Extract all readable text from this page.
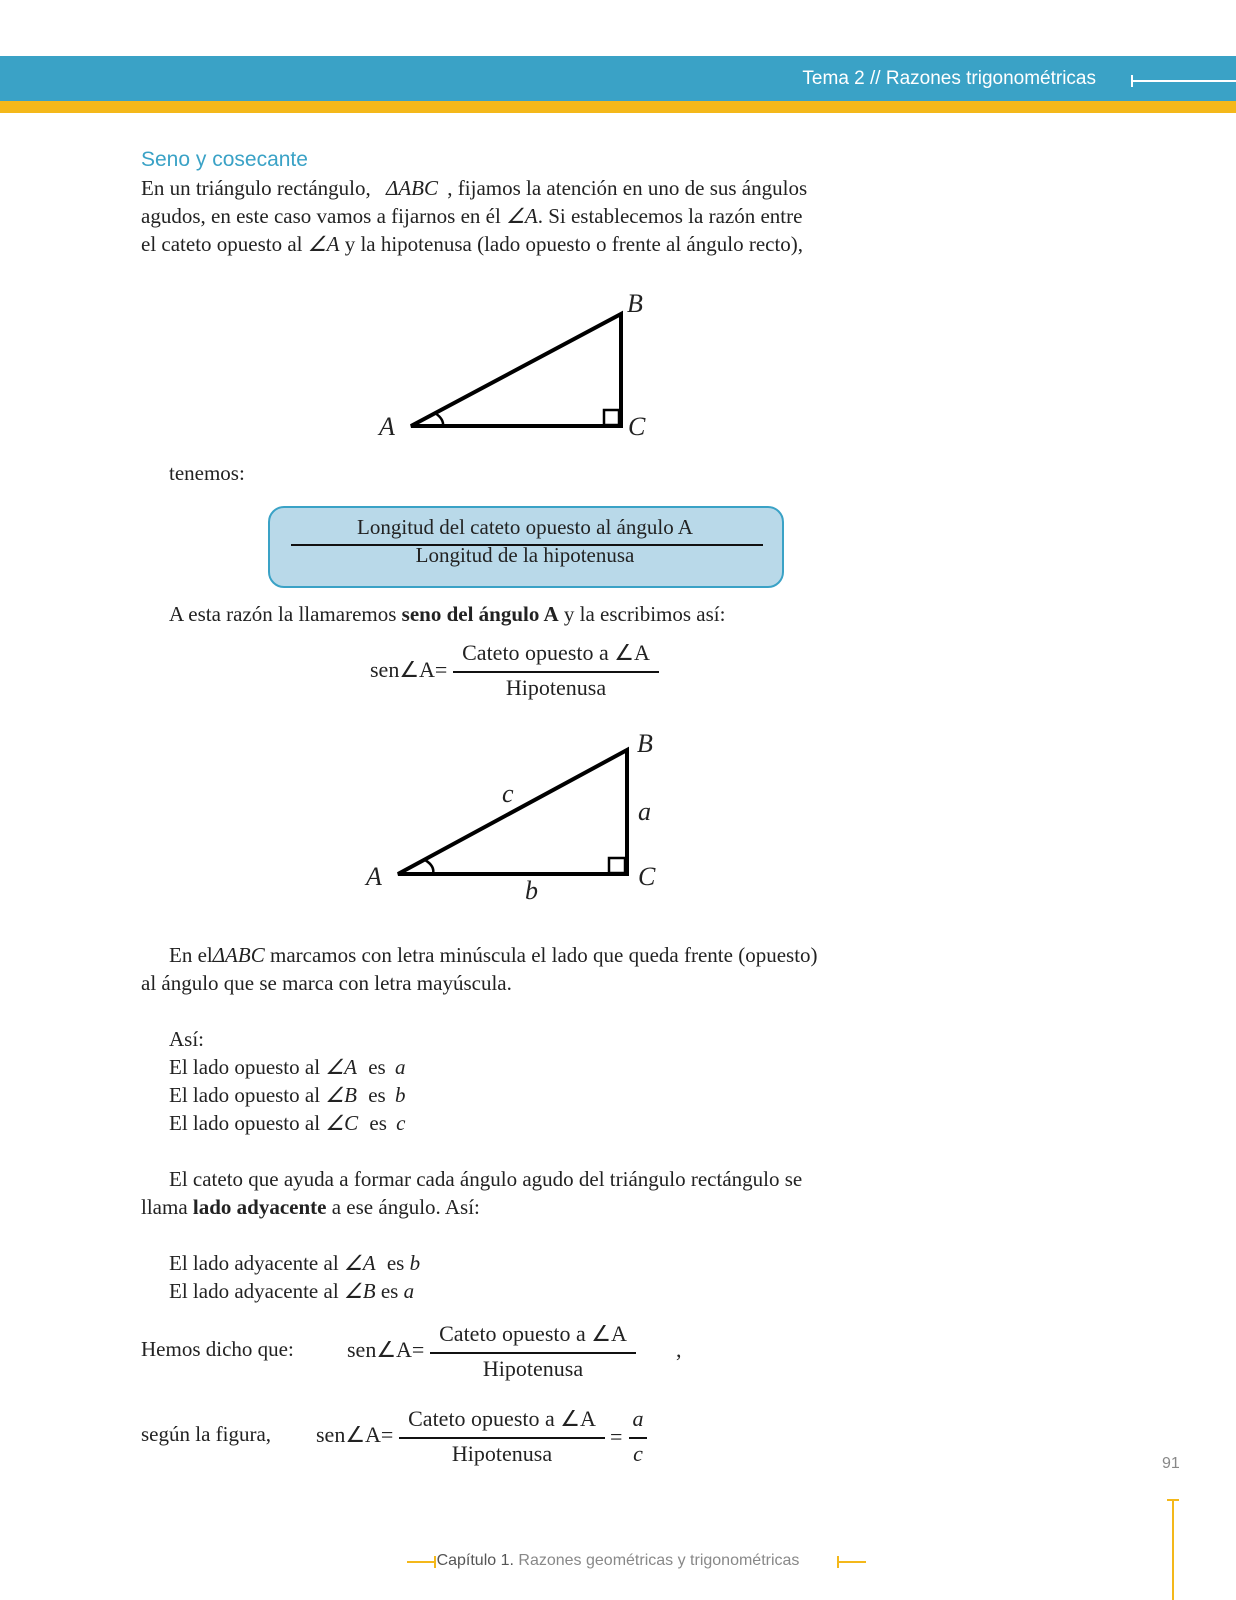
Tema 2 // Razones trigonométricas
Seno y cosecante
En un triángulo rectángulo, ΔABC , fijamos la atención en uno de sus ángulos
agudos, en este caso vamos a fijarnos en él ∠A. Si establecemos la razón entre
el cateto opuesto al ∠A y la hipotenusa (lado opuesto o frente al ángulo recto),
A
B
C
tenemos:
Longitud del cateto opuesto al ángulo A
Longitud de la hipotenusa
A esta razón la llamaremos seno del ángulo A y la escribimos así:
sen∠A=
Cateto opuesto a ∠A
Hipotenusa
A
B
C
a
b
c
En elΔABC marcamos con letra minúscula el lado que queda frente (opuesto)
al ángulo que se marca con letra mayúscula.
Así:
El lado opuesto al ∠A es a
El lado opuesto al ∠B es b
El lado opuesto al ∠C es c
El cateto que ayuda a formar cada ángulo agudo del triángulo rectángulo se
llama lado adyacente a ese ángulo. Así:
El lado adyacente al ∠A es b
El lado adyacente al ∠B es a
Hemos dicho que: sen∠A=
Cateto opuesto a ∠A
Hipotenusa
,
según la figura, sen∠A=
Cateto opuesto a ∠A
Hipotenusa
=
a
c	91
Capítulo 1. Razones geométricas y trigonométricas
